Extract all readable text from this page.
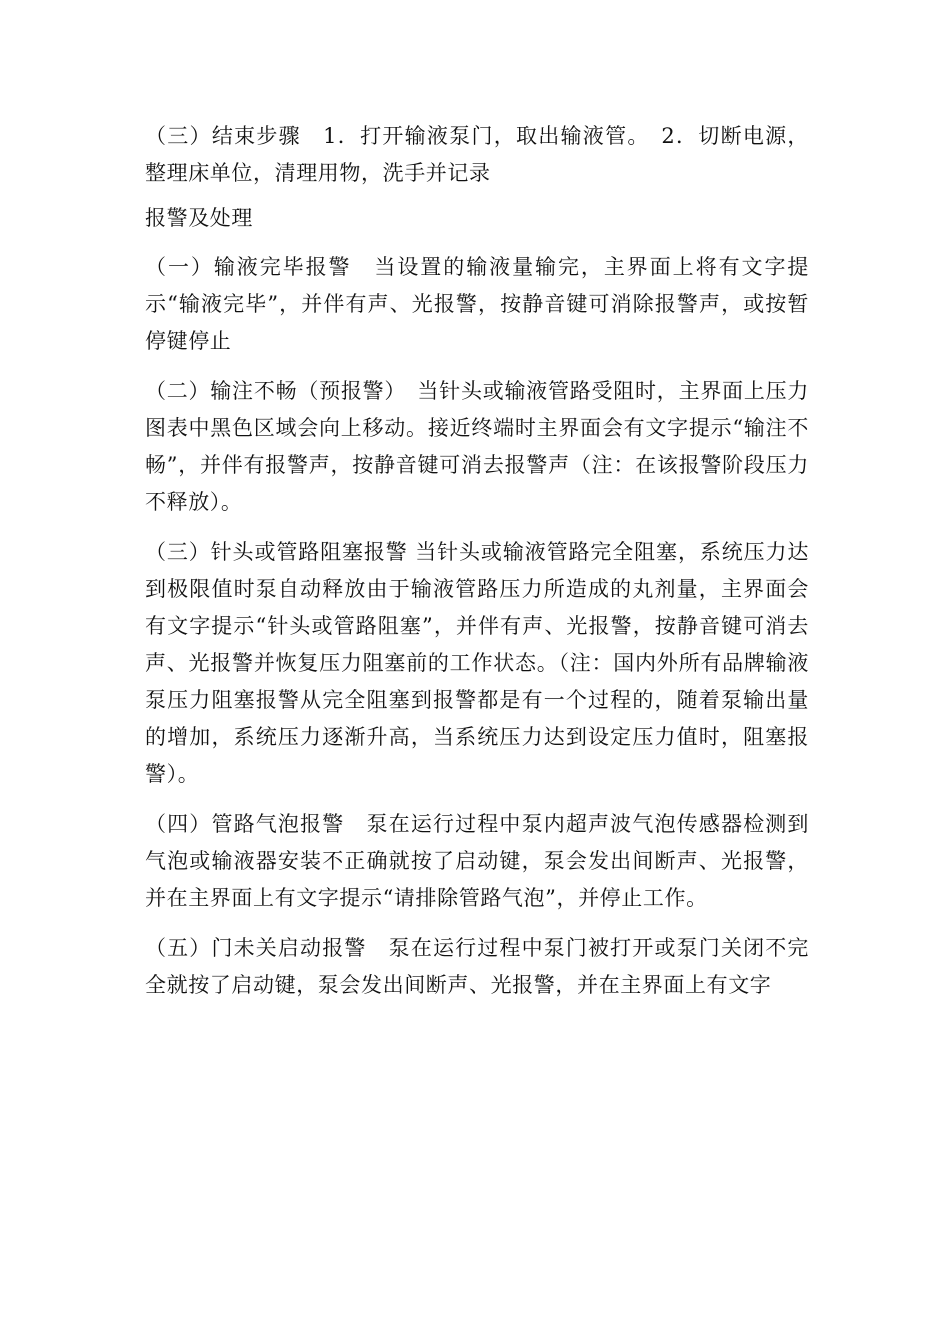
（三）结束步骤　1．打开输液泵门，取出输液管。　2．切断电源，整理床单位，清理用物，洗手并记录

报警及处理

（一）输液完毕报警　当设置的输液量输完，主界面上将有文字提示“输液完毕”，并伴有声、光报警，按静音键可消除报警声，或按暂停键停止

（二）输注不畅（预报警）　当针头或输液管路受阻时，主界面上压力图表中黑色区域会向上移动。接近终端时主界面会有文字提示“输注不畅”，并伴有报警声，按静音键可消去报警声（注：在该报警阶段压力不释放）。

（三）针头或管路阻塞报警 当针头或输液管路完全阻塞，系统压力达到极限值时泵自动释放由于输液管路压力所造成的丸剂量，主界面会有文字提示“针头或管路阻塞”，并伴有声、光报警，按静音键可消去声、光报警并恢复压力阻塞前的工作状态。（注：国内外所有品牌输液泵压力阻塞报警从完全阻塞到报警都是有一个过程的，随着泵输出量的增加，系统压力逐渐升高，当系统压力达到设定压力值时，阻塞报警）。

（四）管路气泡报警　泵在运行过程中泵内超声波气泡传感器检测到气泡或输液器安装不正确就按了启动键，泵会发出间断声、光报警，并在主界面上有文字提示“请排除管路气泡”，并停止工作。

（五）门未关启动报警　泵在运行过程中泵门被打开或泵门关闭不完全就按了启动键，泵会发出间断声、光报警，并在主界面上有文字
